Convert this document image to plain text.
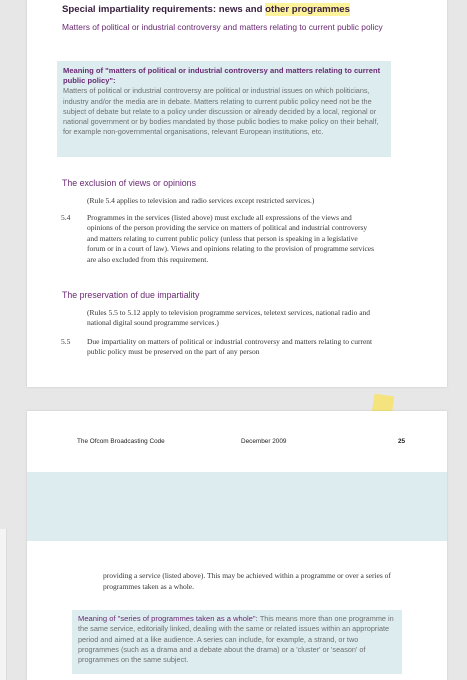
Special impartiality requirements: news and other programmes
Matters of political or industrial controversy and matters relating to current public policy
Meaning of "matters of political or industrial controversy and matters relating to current public policy":
Matters of political or industrial controversy are political or industrial issues on which politicians, industry and/or the media are in debate. Matters relating to current public policy need not be the subject of debate but relate to a policy under discussion or already decided by a local, regional or national government or by bodies mandated by those public bodies to make policy on their behalf, for example non-governmental organisations, relevant European institutions, etc.
The exclusion of views or opinions
(Rule 5.4 applies to television and radio services except restricted services.)
5.4 Programmes in the services (listed above) must exclude all expressions of the views and opinions of the person providing the service on matters of political and industrial controversy and matters relating to current public policy (unless that person is speaking in a legislative forum or in a court of law). Views and opinions relating to the provision of programme services are also excluded from this requirement.
The preservation of due impartiality
(Rules 5.5 to 5.12 apply to television programme services, teletext services, national radio and national digital sound programme services.)
5.5 Due impartiality on matters of political or industrial controversy and matters relating to current public policy must be preserved on the part of any person
The Ofcom Broadcasting Code	December 2009	25
providing a service (listed above). This may be achieved within a programme or over a series of programmes taken as a whole.
Meaning of "series of programmes taken as a whole": This means more than one programme in the same service, editorially linked, dealing with the same or related issues within an appropriate period and aimed at a like audience. A series can include, for example, a strand, or two programmes (such as a drama and a debate about the drama) or a 'cluster' or 'season' of programmes on the same subject.
